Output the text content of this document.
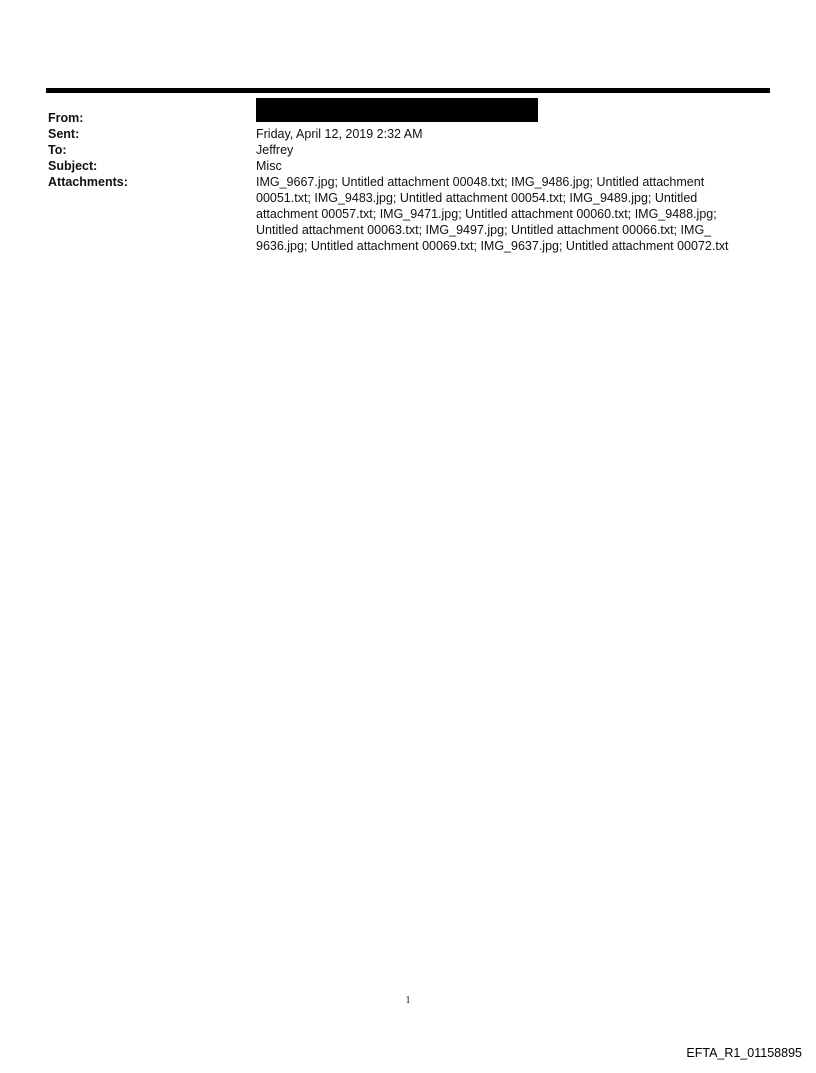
From:
Sent:	Friday, April 12, 2019 2:32 AM
To:	Jeffrey
Subject:	Misc
Attachments:	IMG_9667.jpg; Untitled attachment 00048.txt; IMG_9486.jpg; Untitled attachment
00051.txt; IMG_9483.jpg; Untitled attachment 00054.txt; IMG_9489.jpg; Untitled
attachment 00057.txt; IMG_9471.jpg; Untitled attachment 00060.txt; IMG_9488.jpg;
Untitled attachment 00063.txt; IMG_9497.jpg; Untitled attachment 00066.txt; IMG_
9636.jpg; Untitled attachment 00069.txt; IMG_9637.jpg; Untitled attachment 00072.txt
1
EFTA_R1_01158895
